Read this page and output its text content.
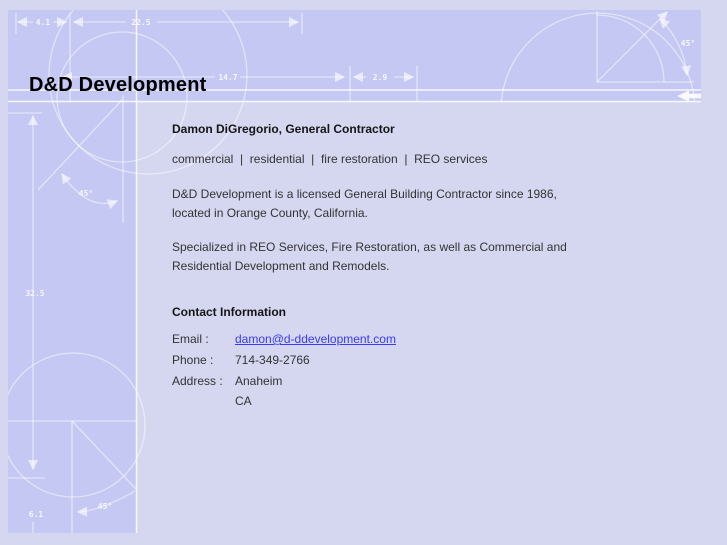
4.1	22.5
14.7	2.9
45°
32.5
45°
6.1
45°
D&D Development
Damon DiGregorio, General Contractor
commercial  |  residential  |  fire restoration  |  REO services
D&D Development is a licensed General Building Contractor since 1986,
located in Orange County, California.
Specialized in REO Services, Fire Restoration, as well as Commercial and
Residential Development and Remodels.
Contact Information
Email : damon@d-ddevelopment.com
Phone : 714-349-2766
Address : Anaheim
CA
